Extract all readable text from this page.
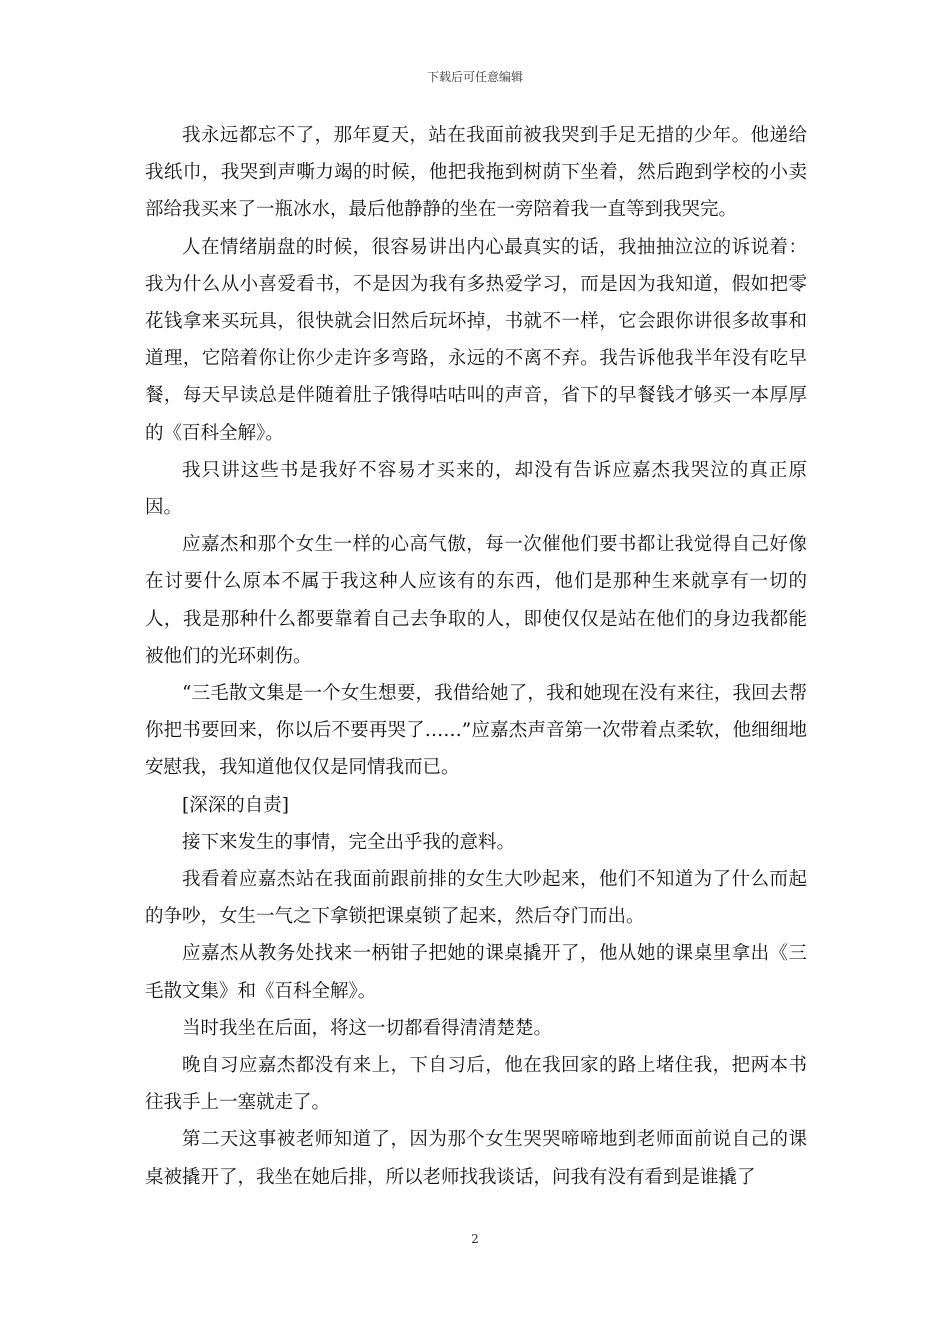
下载后可任意编辑

我永远都忘不了，那年夏天，站在我面前被我哭到手足无措的少年。他递给我纸巾，我哭到声嘶力竭的时候，他把我拖到树荫下坐着，然后跑到学校的小卖部给我买来了一瓶冰水，最后他静静的坐在一旁陪着我一直等到我哭完。

人在情绪崩盘的时候，很容易讲出内心最真实的话，我抽抽泣泣的诉说着：我为什么从小喜爱看书，不是因为我有多热爱学习，而是因为我知道，假如把零花钱拿来买玩具，很快就会旧然后玩坏掉，书就不一样，它会跟你讲很多故事和道理，它陪着你让你少走许多弯路，永远的不离不弃。我告诉他我半年没有吃早餐，每天早读总是伴随着肚子饿得咕咕叫的声音，省下的早餐钱才够买一本厚厚的《百科全解》。

我只讲这些书是我好不容易才买来的，却没有告诉应嘉杰我哭泣的真正原因。

应嘉杰和那个女生一样的心高气傲，每一次催他们要书都让我觉得自己好像在讨要什么原本不属于我这种人应该有的东西，他们是那种生来就享有一切的人，我是那种什么都要靠着自己去争取的人，即使仅仅是站在他们的身边我都能被他们的光环刺伤。

“三毛散文集是一个女生想要，我借给她了，我和她现在没有来往，我回去帮你把书要回来，你以后不要再哭了……”应嘉杰声音第一次带着点柔软，他细细地安慰我，我知道他仅仅是同情我而已。

[深深的自责]

接下来发生的事情，完全出乎我的意料。

我看着应嘉杰站在我面前跟前排的女生大吵起来，他们不知道为了什么而起的争吵，女生一气之下拿锁把课桌锁了起来，然后夺门而出。

应嘉杰从教务处找来一柄钳子把她的课桌撬开了，他从她的课桌里拿出《三毛散文集》和《百科全解》。

当时我坐在后面，将这一切都看得清清楚楚。

晚自习应嘉杰都没有来上，下自习后，他在我回家的路上堵住我，把两本书往我手上一塞就走了。

第二天这事被老师知道了，因为那个女生哭哭啼啼地到老师面前说自己的课桌被撬开了，我坐在她后排，所以老师找我谈话，问我有没有看到是谁撬了

2
